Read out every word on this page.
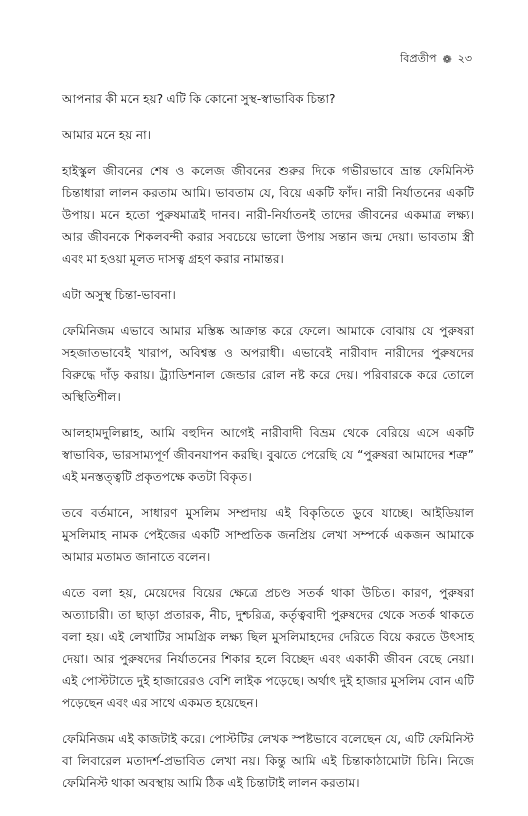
বিপ্রতীপ ❁ ২৩

আপনার কী মনে হয়? এটি কি কোনো সুস্থ-স্বাভাবিক চিন্তা?

আমার মনে হয় না।

হাইস্কুল জীবনের শেষ ও কলেজ জীবনের শুরুর দিকে গভীরভাবে ভ্রান্ত ফেমিনিস্ট চিন্তাধারা লালন করতাম আমি। ভাবতাম যে, বিয়ে একটি ফাঁদ। নারী নির্যাতনের একটি উপায়। মনে হতো পুরুষমাত্রই দানব। নারী-নির্যাতনই তাদের জীবনের একমাত্র লক্ষ্য। আর জীবনকে শিকলবন্দী করার সবচেয়ে ভালো উপায় সন্তান জন্ম দেয়া। ভাবতাম স্ত্রী এবং মা হওয়া মূলত দাসত্ব গ্রহণ করার নামান্তর।

এটা অসুস্থ চিন্তা-ভাবনা।

ফেমিনিজম এভাবে আমার মস্তিষ্ক আক্রান্ত করে ফেলে। আমাকে বোঝায় যে পুরুষরা সহজাতভাবেই খারাপ, অবিশ্বস্ত ও অপরাধী। এভাবেই নারীবাদ নারীদের পুরুষদের বিরুদ্ধে দাঁড় করায়। ট্র্যাডিশনাল জেন্ডার রোল নষ্ট করে দেয়। পরিবারকে করে তোলে অস্থিতিশীল।

আলহামদুলিল্লাহ, আমি বহুদিন আগেই নারীবাদী বিভ্রম থেকে বেরিয়ে এসে একটি স্বাভাবিক, ভারসাম্যপূর্ণ জীবনযাপন করছি। বুঝতে পেরেছি যে “পুরুষরা আমাদের শত্রু” এই মনস্তত্ত্বটি প্রকৃতপক্ষে কতটা বিকৃত।

তবে বর্তমানে, সাধারণ মুসলিম সম্প্রদায় এই বিকৃতিতে ডুবে যাচ্ছে। আইডিয়াল মুসলিমাহ নামক পেইজের একটি সাম্প্রতিক জনপ্রিয় লেখা সম্পর্কে একজন আমাকে আমার মতামত জানাতে বলেন।

এতে বলা হয়, মেয়েদের বিয়ের ক্ষেত্রে প্রচণ্ড সতর্ক থাকা উচিত। কারণ, পুরুষরা অত্যাচারী। তা ছাড়া প্রতারক, নীচ, দুশ্চরিত্র, কর্তৃত্ববাদী পুরুষদের থেকে সতর্ক থাকতে বলা হয়। এই লেখাটির সামগ্রিক লক্ষ্য ছিল মুসলিমাহদের দেরিতে বিয়ে করতে উৎসাহ দেয়া। আর পুরুষদের নির্যাতনের শিকার হলে বিচ্ছেদ এবং একাকী জীবন বেছে নেয়া। এই পোস্টটাতে দুই হাজারেরও বেশি লাইক পড়েছে। অর্থাৎ দুই হাজার মুসলিম বোন এটি পড়েছেন এবং এর সাথে একমত হয়েছেন।

ফেমিনিজম এই কাজটাই করে। পোস্টটির লেখক স্পষ্টভাবে বলেছেন যে, এটি ফেমিনিস্ট বা লিবারেল মতাদর্শ-প্রভাবিত লেখা নয়। কিন্তু আমি এই চিন্তাকাঠামোটা চিনি। নিজে ফেমিনিস্ট থাকা অবস্থায় আমি ঠিক এই চিন্তাটাই লালন করতাম।
